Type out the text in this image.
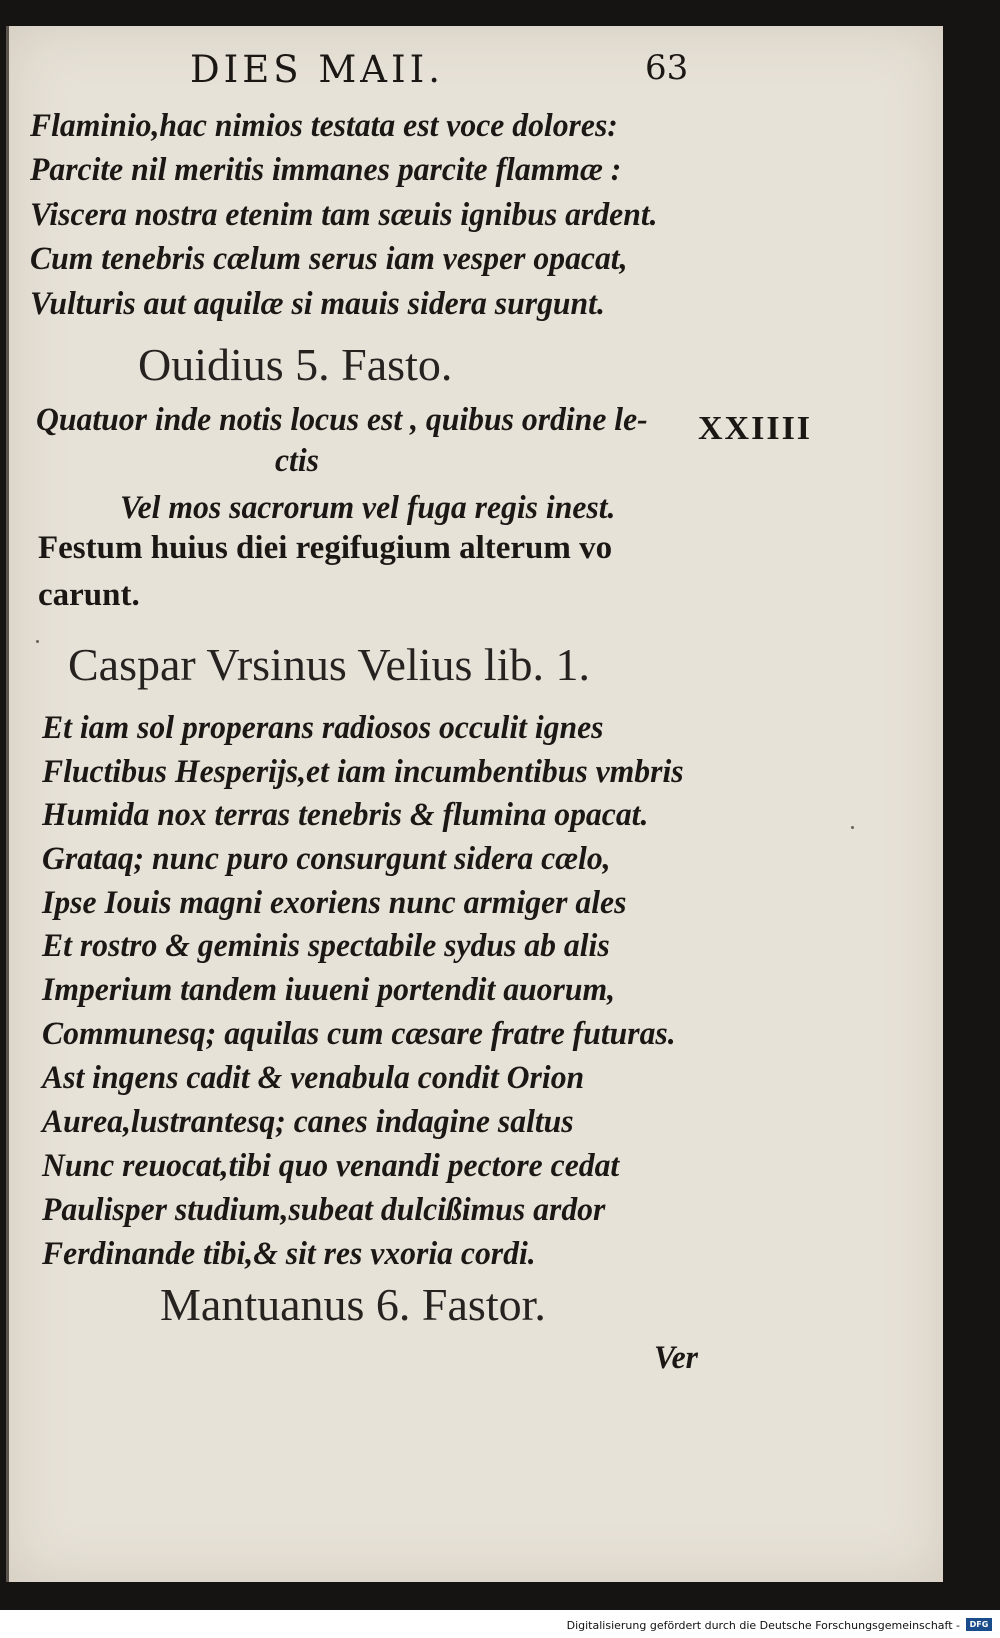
DIES MAII.	63
Flaminio,hac nimios testata est voce dolores:
Parcite nil meritis immanes parcite flammæ :
Viscera nostra etenim tam sæuis ignibus ardent.
Cum tenebris cælum serus iam vesper opacat,
Vulturis aut aquilæ si mauis sidera surgunt.
Ouidius 5. Fasto.
Quatuor inde notis locus est , quibus ordine le-
ctis
XXIIII
Vel mos sacrorum vel fuga regis inest.
Festum huius diei regifugium alterum vo
carunt.
Caspar Vrsinus Velius lib. 1.
Et iam sol properans radiosos occulit ignes
Fluctibus Hesperijs,et iam incumbentibus vmbris
Humida nox terras tenebris & flumina opacat.
Grataq; nunc puro consurgunt sidera cælo,
Ipse Iouis magni exoriens nunc armiger ales
Et rostro & geminis spectabile sydus ab alis
Imperium tandem iuueni portendit auorum,
Communesq; aquilas cum cæsare fratre futuras.
Ast ingens cadit & venabula condit Orion
Aurea,lustrantesq; canes indagine saltus
Nunc reuocat,tibi quo venandi pectore cedat
Paulisper studium,subeat dulcißimus ardor
Ferdinande tibi,& sit res vxoria cordi.
Mantuanus 6. Fastor.
Ver
Digitalisierung gefördert durch die Deutsche Forschungsgemeinschaft -	DFG
